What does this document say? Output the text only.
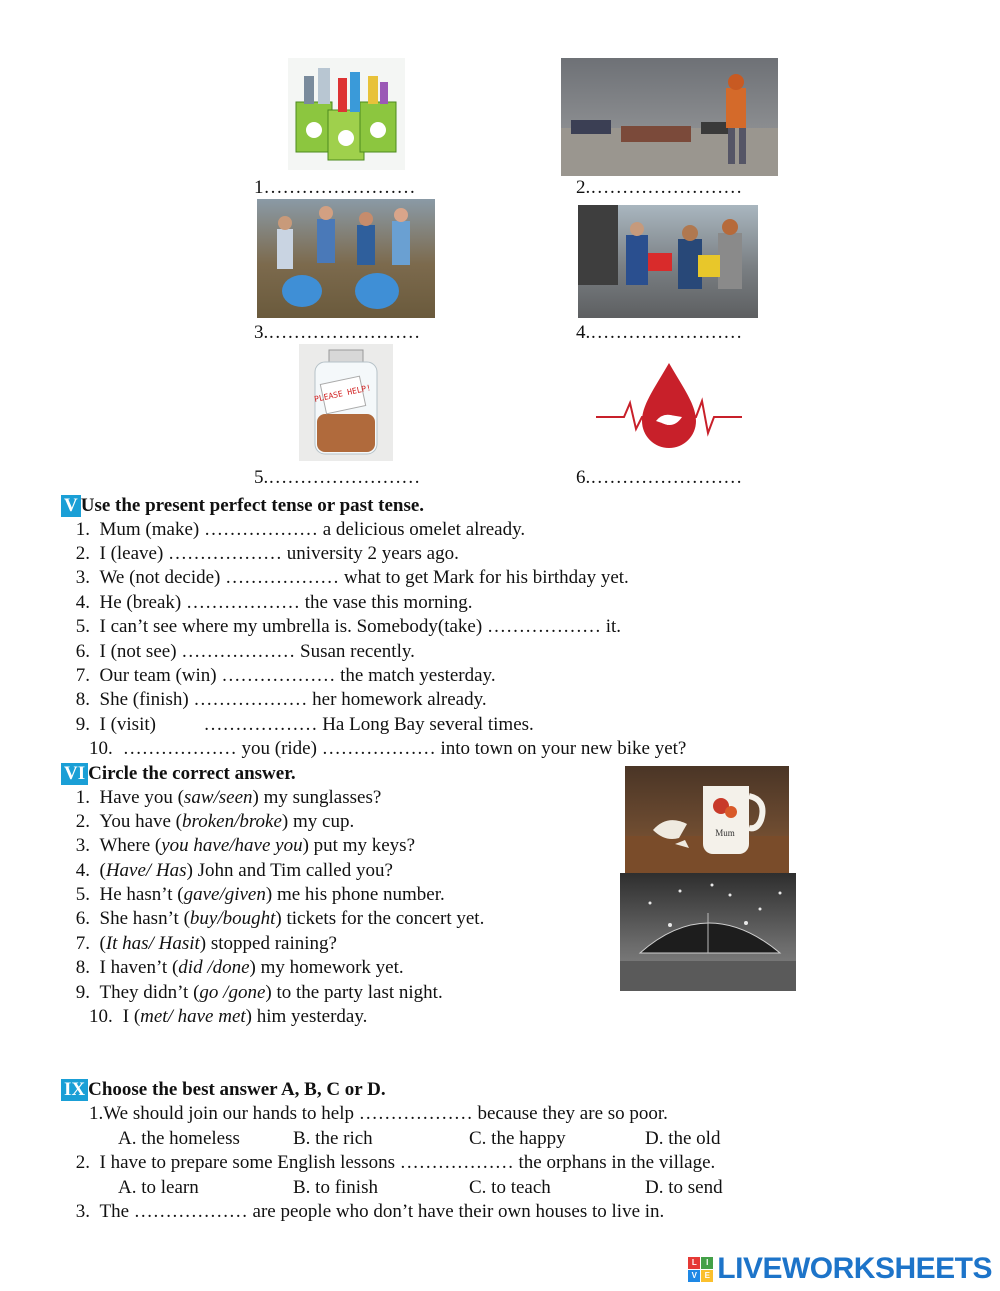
1……………………	2.……………………
3.……………………	4.……………………
PLEASE HELP!
5.……………………	6.……………………
V Use the present perfect tense or past tense.
1. Mum (make) ……………… a delicious omelet already.
2. I (leave) ……………… university 2 years ago.
3. We (not decide) ……………… what to get Mark for his birthday yet.
4. He (break) ……………… the vase this morning.
5. I can’t see where my umbrella is. Somebody(take) ……………… it.
6. I (not see) ……………… Susan recently.
7. Our team (win) ……………… the match yesterday.
8. She (finish) ……………… her homework already.
9. I (visit)          ……………… Ha Long Bay several times.
10. ……………… you (ride) ……………… into town on your new bike yet?
VI Circle the correct answer.
Mum
1. Have you (saw/seen) my sunglasses?
2. You have (broken/broke) my cup.
3. Where (you have/have you) put my keys?
4. (Have/ Has) John and Tim called you?
5. He hasn’t (gave/given) me his phone number.
6. She hasn’t (buy/bought) tickets for the concert yet.
7. (It has/ Hasit) stopped raining?
8. I haven’t (did /done) my homework yet.
9. They didn’t (go /gone) to the party last night.
10. I (met/ have met) him yesterday.
IX Choose the best answer A, B, C or D.
1.We should join our hands to help ……………… because they are so poor.
A. the homeless	B. the rich	C. the happy	D. the old
2. I have to prepare some English lessons ……………… the orphans in the village.
A. to learn	B. to finish	C. to teach	D. to send
3. The ……………… are people who don’t have their own houses to live in.
L	I
V E LIVEWORKSHEETS
